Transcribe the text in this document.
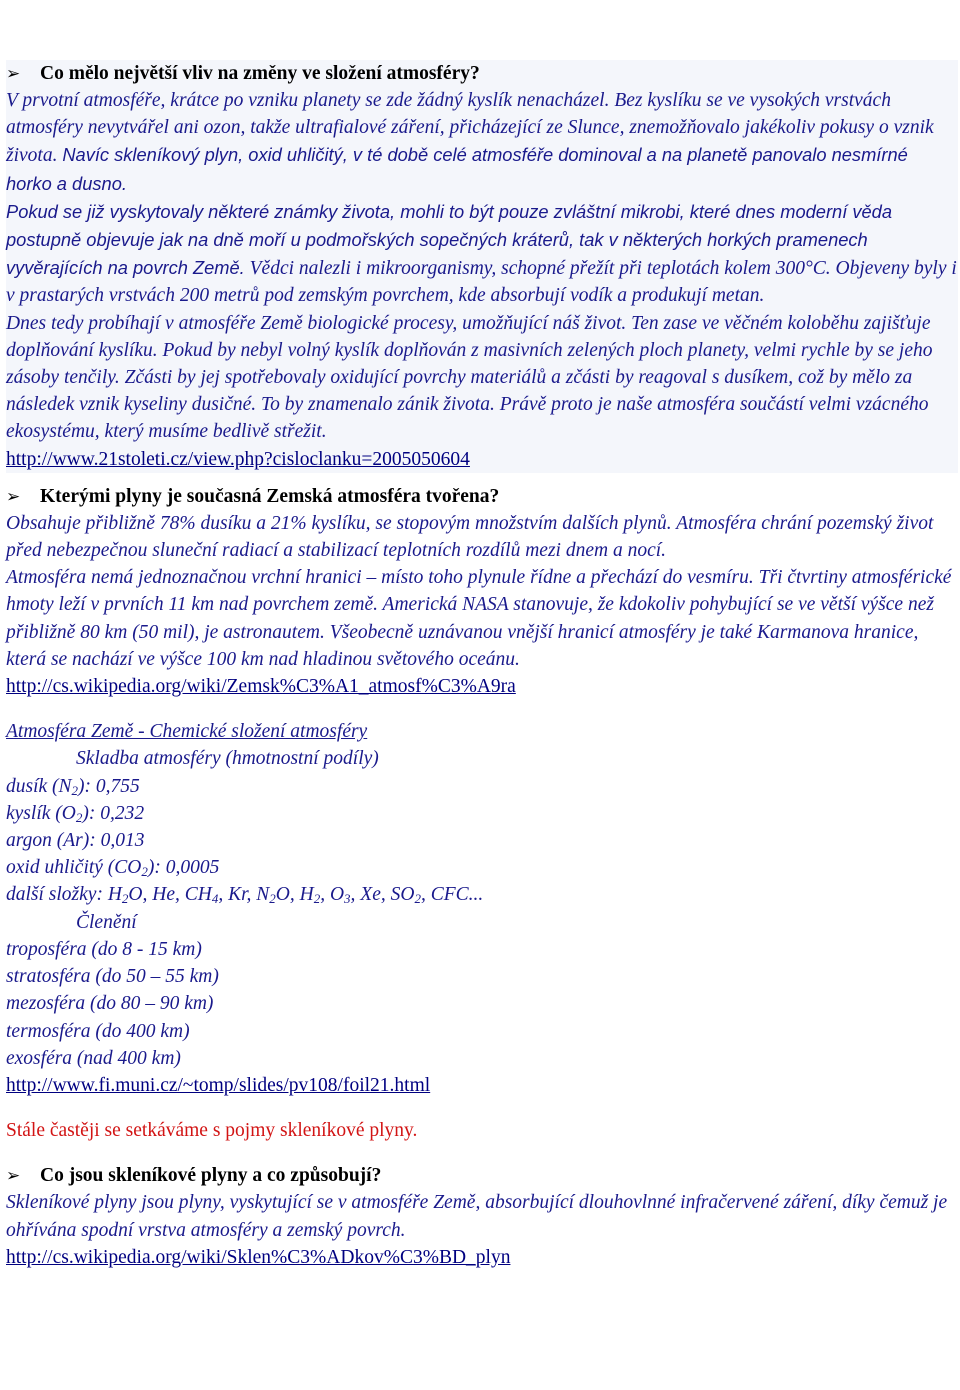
➢	Co mělo největší vliv na změny ve složení atmosféry?
V prvotní atmosféře, krátce po vzniku planety se zde žádný kyslík nenacházel. Bez kyslíku se ve vysokých vrstvách atmosféry nevytvářel ani ozon, takže ultrafialové záření, přicházející ze Slunce, znemožňovalo jakékoliv pokusy o vznik života. Navíc skleníkový plyn, oxid uhličitý, v té době celé atmosféře dominoval a na planetě panovalo nesmírné horko a dusno.
Pokud se již vyskytovaly některé známky života, mohli to být pouze zvláštní mikrobi, které dnes moderní věda postupně objevuje jak na dně moří u podmořských sopečných kráterů, tak v některých horkých pramenech vyvěrajících na povrch Země. Vědci nalezli i mikroorganismy, schopné přežít při teplotách kolem 300°C. Objeveny byly i v prastarých vrstvách 200 metrů pod zemským povrchem, kde absorbují vodík a produkují metan.
Dnes tedy probíhají v atmosféře Země biologické procesy, umožňující náš život. Ten zase ve věčném koloběhu zajišťuje doplňování kyslíku. Pokud by nebyl volný kyslík doplňován z masivních zelených ploch planety, velmi rychle by se jeho zásoby tenčily. Zčásti by jej spotřebovaly oxidující povrchy materiálů a zčásti by reagoval s dusíkem, což by mělo za následek vznik kyseliny dusičné. To by znamenalo zánik života. Právě proto je naše atmosféra součástí velmi vzácného ekosystému, který musíme bedlivě střežit.
http://www.21stoleti.cz/view.php?cisloclanku=2005050604
➢	Kterými plyny je současná Zemská atmosféra tvořena?
Obsahuje přibližně 78% dusíku a 21% kyslíku, se stopovým množstvím dalších plynů. Atmosféra chrání pozemský život před nebezpečnou sluneční radiací a stabilizací teplotních rozdílů mezi dnem a nocí.
Atmosféra nemá jednoznačnou vrchní hranici – místo toho plynule řídne a přechází do vesmíru. Tři čtvrtiny atmosférické hmoty leží v prvních 11 km nad povrchem země. Americká NASA stanovuje, že kdokoliv pohybující se ve větší výšce než přibližně 80 km (50 mil), je astronautem. Všeobecně uznávanou vnější hranicí atmosféry je také Karmanova hranice, která se nachází ve výšce 100 km nad hladinou světového oceánu.
http://cs.wikipedia.org/wiki/Zemsk%C3%A1_atmosf%C3%A9ra
Atmosféra Země - Chemické složení atmosféry
Skladba atmosféry (hmotnostní podíly)
dusík $(N_2)$: 0,755
kyslík $(O_2)$: 0,232
argon (Ar): 0,013
oxid uhličitý $(CO_2)$: 0,0005
další složky: $H_2O$, He, $CH_4$, Kr, $N_2O$, $H_2$, $O_3$, Xe, $SO_2$, CFC...
Členění
troposféra (do 8 - 15 km)
stratosféra (do 50 – 55 km)
mezosféra (do 80 – 90 km)
termosféra (do 400 km)
exosféra (nad 400 km)
http://www.fi.muni.cz/~tomp/slides/pv108/foil21.html
Stále častěji se setkáváme s pojmy skleníkové plyny.
➢	Co jsou skleníkové plyny a co způsobují?
Skleníkové plyny jsou plyny, vyskytující se v atmosféře Země, absorbující dlouhovlnné infračervené záření, díky čemuž je ohřívána spodní vrstva atmosféry a zemský povrch.
http://cs.wikipedia.org/wiki/Sklen%C3%ADkov%C3%BD_plyn
